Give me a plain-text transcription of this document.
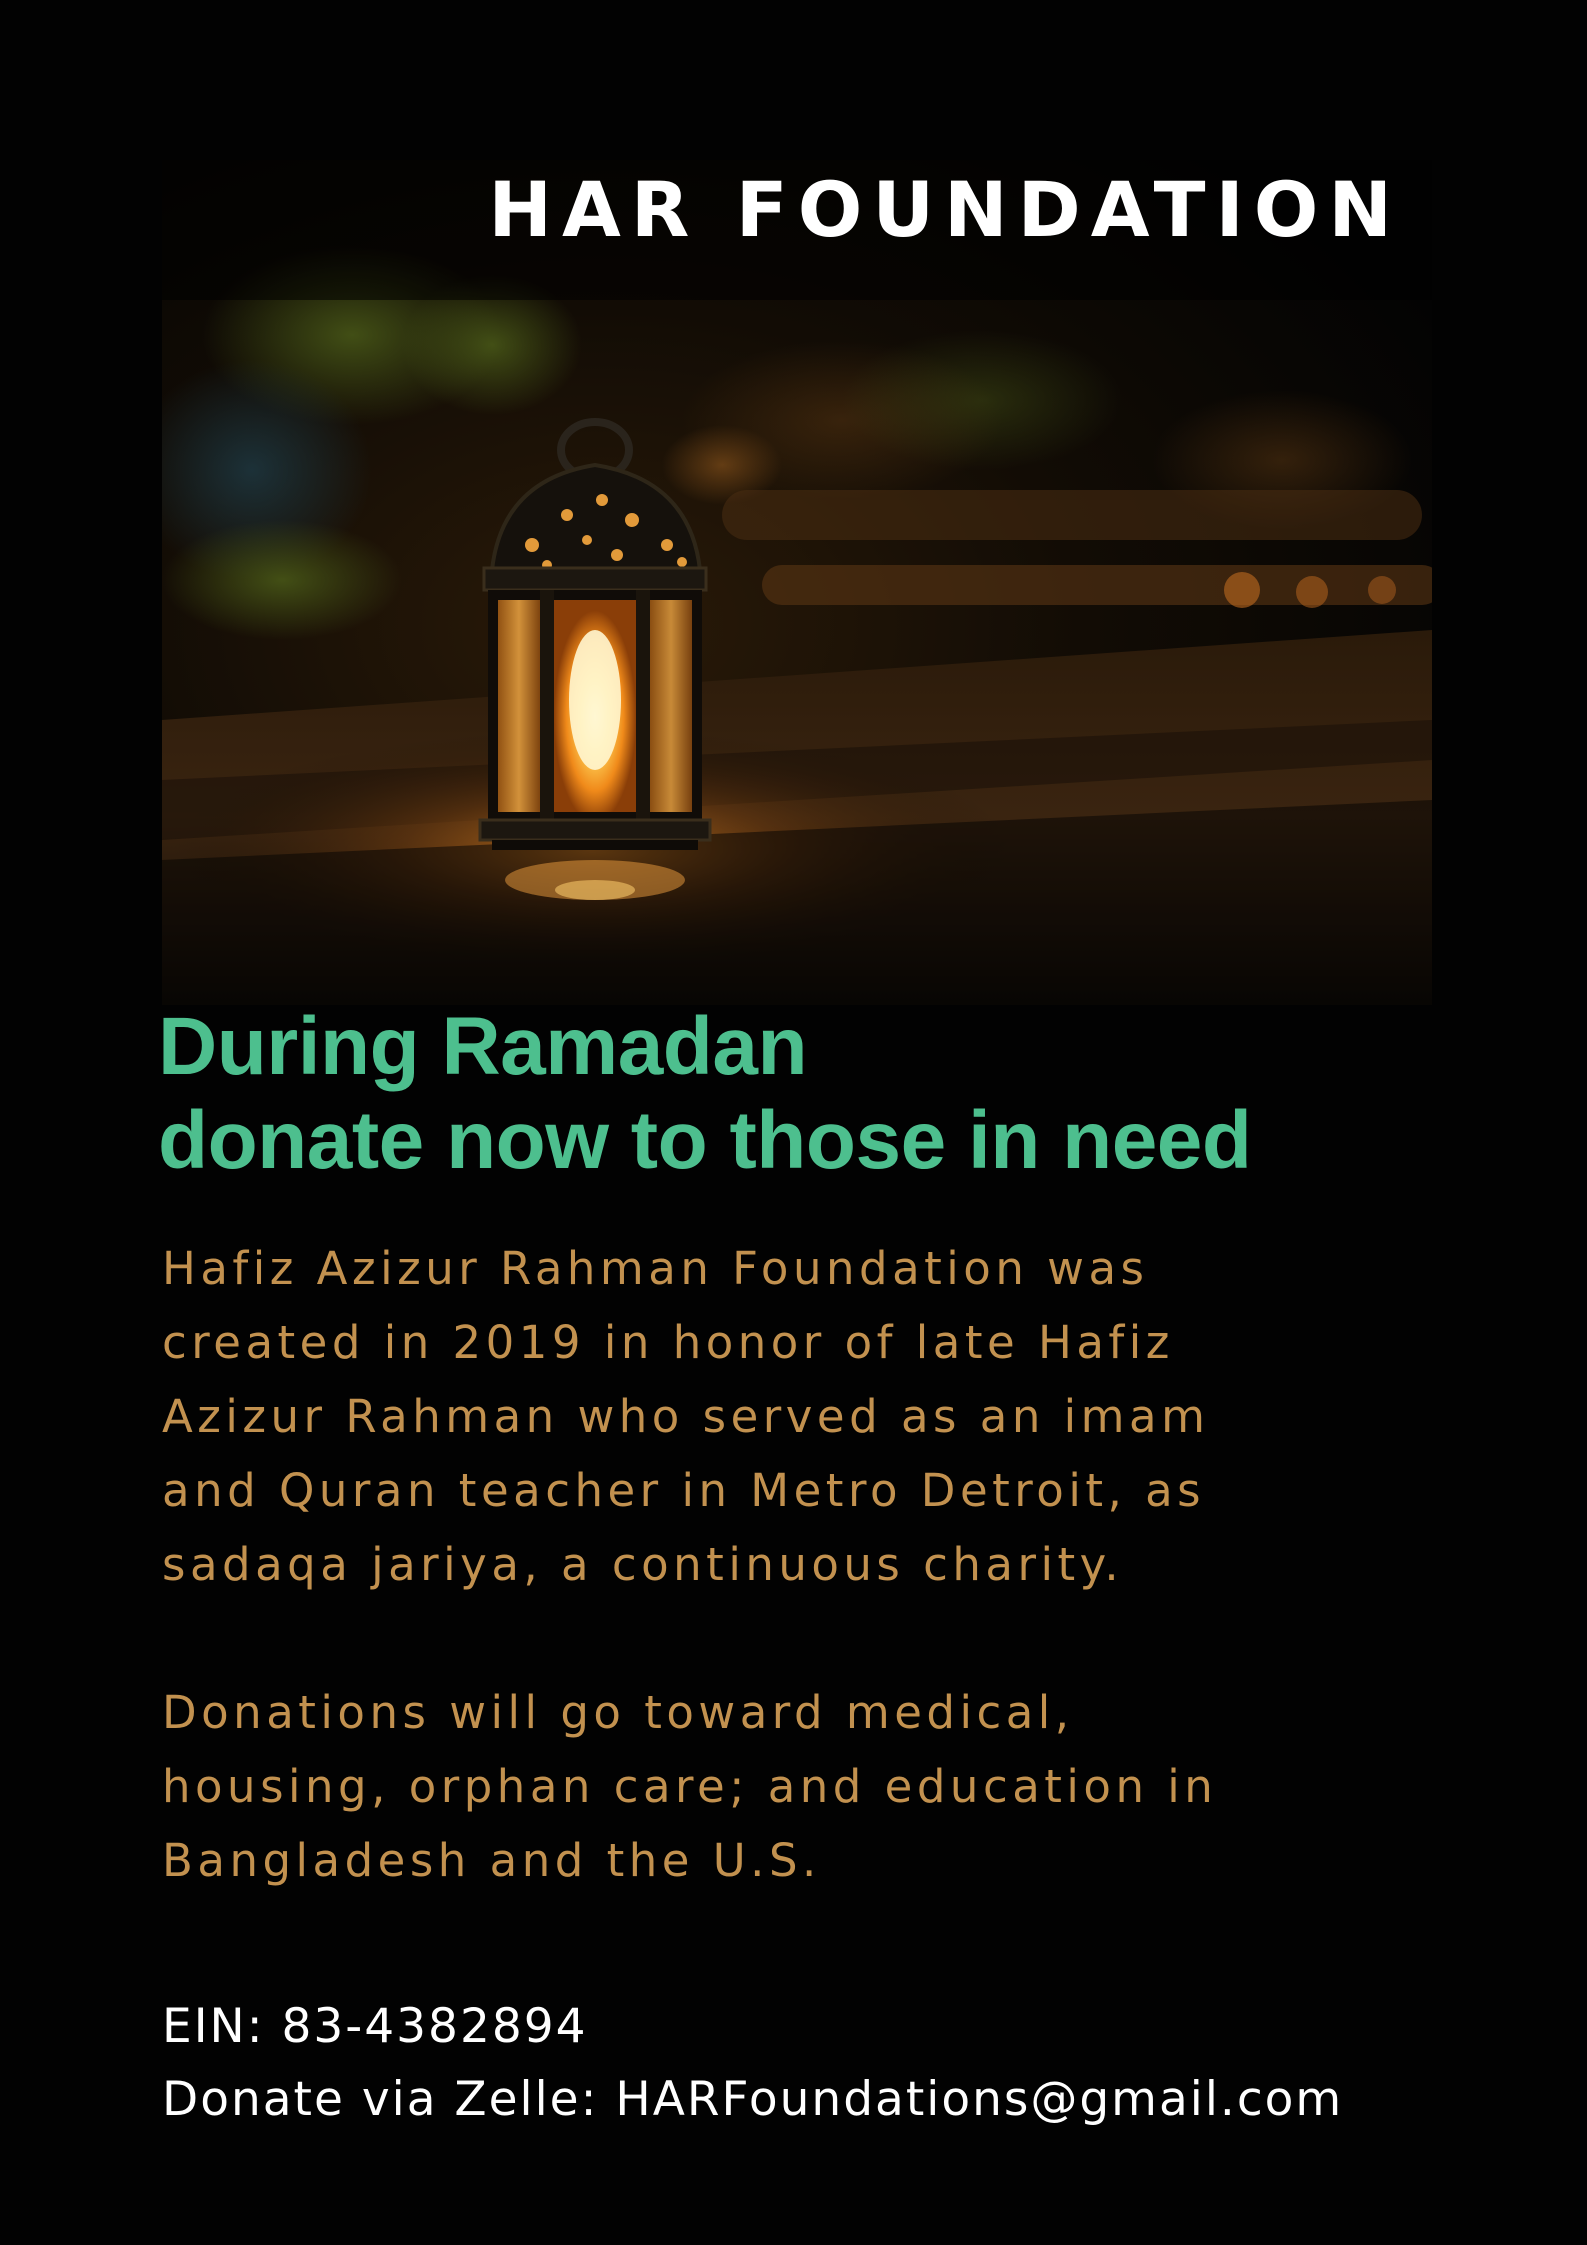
HAR FOUNDATION
During Ramadan
donate now to those in need

Hafiz Azizur Rahman Foundation was
created in 2019 in honor of late Hafiz
Azizur Rahman who served as an imam
and Quran teacher in Metro Detroit, as
sadaqa jariya, a continuous charity.

Donations will go toward medical,
housing, orphan care; and education in
Bangladesh and the U.S.

EIN: 83-4382894
Donate via Zelle: HARFoundations@gmail.com
